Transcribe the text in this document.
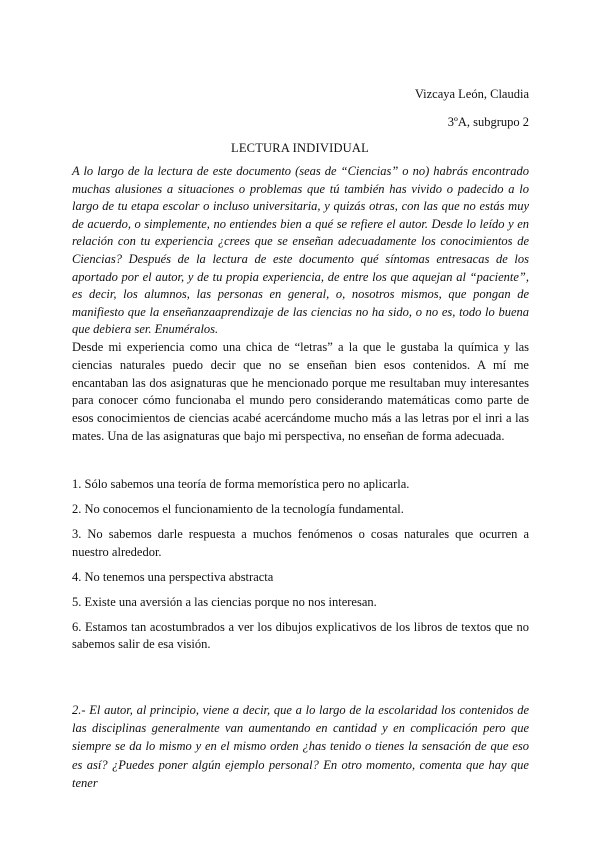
Vizcaya León, Claudia
3ºA, subgrupo 2
LECTURA INDIVIDUAL

A lo largo de la lectura de este documento (seas de “Ciencias” o no) habrás encontrado muchas alusiones a situaciones o problemas que tú también has vivido o padecido a lo largo de tu etapa escolar o incluso universitaria, y quizás otras, con las que no estás muy de acuerdo, o simplemente, no entiendes bien a qué se refiere el autor. Desde lo leído y en relación con tu experiencia ¿crees que se enseñan adecuadamente los conocimientos de Ciencias? Después de la lectura de este documento qué síntomas entresacas de los aportado por el autor, y de tu propia experiencia, de entre los que aquejan al “paciente”, es decir, los alumnos, las personas en general, o, nosotros mismos, que pongan de manifiesto que la enseñanzaaprendizaje de las ciencias no ha sido, o no es, todo lo buena que debiera ser. Enuméralos.

Desde mi experiencia como una chica de “letras” a la que le gustaba la química y las ciencias naturales puedo decir que no se enseñan bien esos contenidos. A mí me encantaban las dos asignaturas que he mencionado porque me resultaban muy interesantes para conocer cómo funcionaba el mundo pero considerando matemáticas como parte de esos conocimientos de ciencias acabé acercándome mucho más a las letras por el inri a las mates. Una de las asignaturas que bajo mi perspectiva, no enseñan de forma adecuada.

1. Sólo sabemos una teoría de forma memorística pero no aplicarla.
2. No conocemos el funcionamiento de la tecnología fundamental.
3. No sabemos darle respuesta a muchos fenómenos o cosas naturales que ocurren a nuestro alrededor.
4. No tenemos una perspectiva abstracta
5. Existe una aversión a las ciencias porque no nos interesan.
6. Estamos tan acostumbrados a ver los dibujos explicativos de los libros de textos que no sabemos salir de esa visión.

2.- El autor, al principio, viene a decir, que a lo largo de la escolaridad los contenidos de las disciplinas generalmente van aumentando en cantidad y en complicación pero que siempre se da lo mismo y en el mismo orden ¿has tenido o tienes la sensación de que eso es así? ¿Puedes poner algún ejemplo personal? En otro momento, comenta que hay que tener
